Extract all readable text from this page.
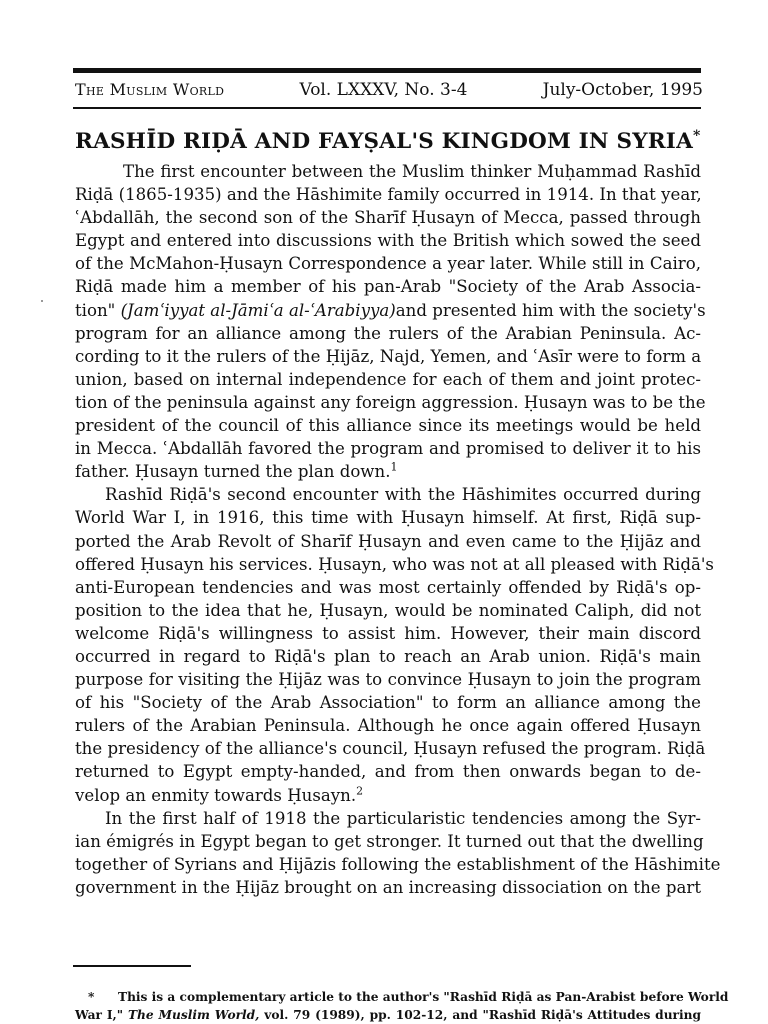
The Muslim World	Vol. LXXXV, No. 3-4	July-October, 1995
RASHĪD RIḌĀ AND FAYṢAL'S KINGDOM IN SYRIA*
The first encounter between the Muslim thinker Muḥammad Rashīd
Riḍā (1865-1935) and the Hāshimite family occurred in 1914. In that year,
ʿAbdallāh, the second son of the Sharīf Ḥusayn of Mecca, passed through
Egypt and entered into discussions with the British which sowed the seed
of the McMahon-Ḥusayn Correspondence a year later. While still in Cairo,
Riḍā made him a member of his pan-Arab "Society of the Arab Associa-
tion" (Jamʿiyyat al-Jāmiʿa al-ʿArabiyya)and presented him with the society's
program for an alliance among the rulers of the Arabian Peninsula. Ac-
cording to it the rulers of the Ḥijāz, Najd, Yemen, and ʿAsīr were to form a
union, based on internal independence for each of them and joint protec-
tion of the peninsula against any foreign aggression. Ḥusayn was to be the
president of the council of this alliance since its meetings would be held
in Mecca. ʿAbdallāh favored the program and promised to deliver it to his
father. Ḥusayn turned the plan down.$^1$
Rashīd Riḍā's second encounter with the Hāshimites occurred during
World War I, in 1916, this time with Ḥusayn himself. At first, Riḍā sup-
ported the Arab Revolt of Sharīf Ḥusayn and even came to the Ḥijāz and
offered Ḥusayn his services. Ḥusayn, who was not at all pleased with Riḍā's
anti-European tendencies and was most certainly offended by Riḍā's op-
position to the idea that he, Ḥusayn, would be nominated Caliph, did not
welcome Riḍā's willingness to assist him. However, their main discord
occurred in regard to Riḍā's plan to reach an Arab union. Riḍā's main
purpose for visiting the Ḥijāz was to convince Ḥusayn to join the program
of his "Society of the Arab Association" to form an alliance among the
rulers of the Arabian Peninsula. Although he once again offered Ḥusayn
the presidency of the alliance's council, Ḥusayn refused the program. Riḍā
returned to Egypt empty-handed, and from then onwards began to de-
velop an enmity towards Ḥusayn.$^2$
In the first half of 1918 the particularistic tendencies among the Syr-
ian émigrés in Egypt began to get stronger. It turned out that the dwelling
together of Syrians and Ḥijāzis following the establishment of the Hāshimite
government in the Ḥijāz brought on an increasing dissociation on the part
* This is a complementary article to the author's "Rashīd Riḍā as Pan-Arabist before World
War I," The Muslim World, vol. 79 (1989), pp. 102-12, and "Rashīd Riḍā's Attitudes during
